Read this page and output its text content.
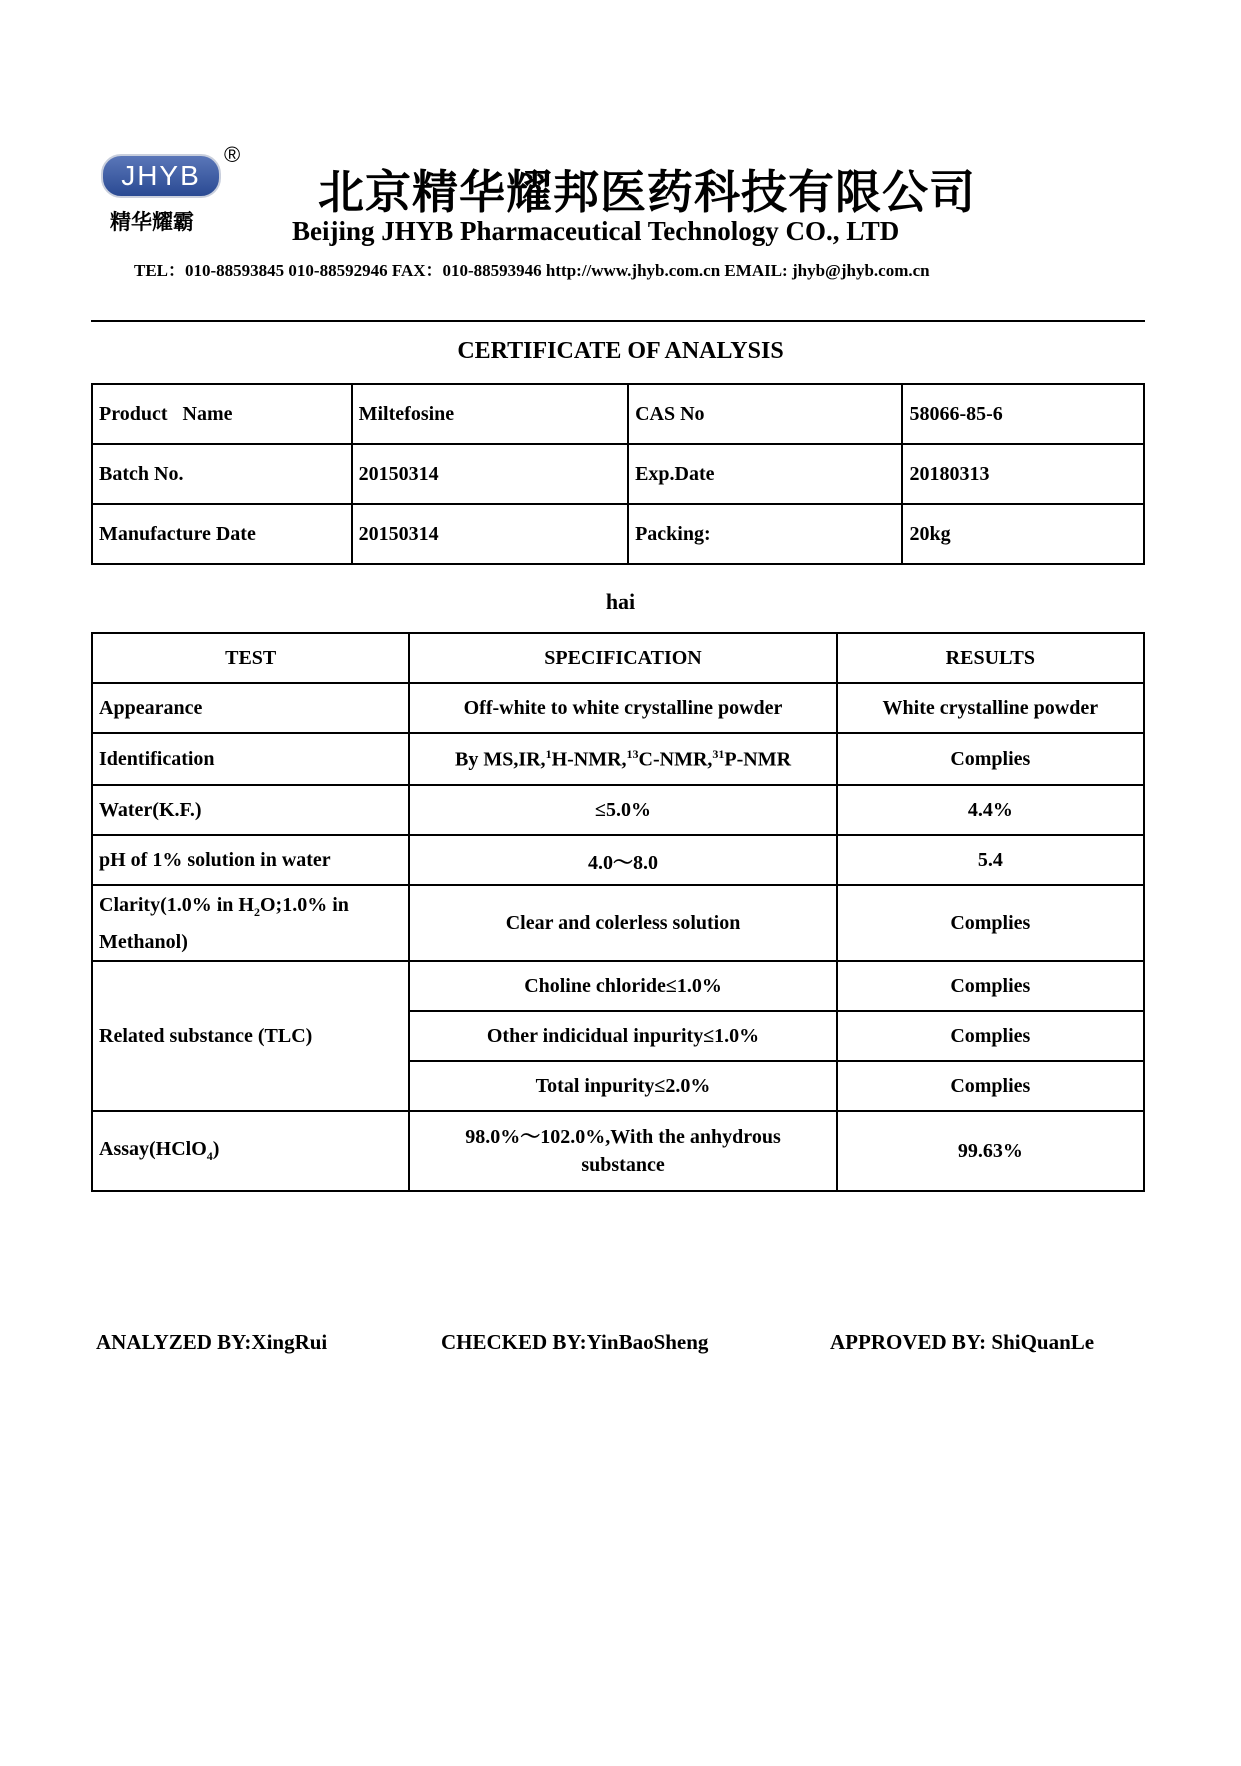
JHYB
®
精华耀霸
北京精华耀邦医药科技有限公司
Beijing JHYB Pharmaceutical Technology CO., LTD
TEL：010-88593845 010-88592946 FAX：010-88593946 http://www.jhyb.com.cn EMAIL: jhyb@jhyb.com.cn
CERTIFICATE OF ANALYSIS
Product   Name	Miltefosine	CAS No	58066-85-6
Batch No.	20150314	Exp.Date	20180313
Manufacture Date	20150314	Packing:	20kg
hai
TEST	SPECIFICATION	RESULTS
Appearance	Off-white to white crystalline powder	White crystalline powder
Identification	By MS,IR,$^1$H-NMR,$^{13}$C-NMR,$^{31}$P-NMR	Complies
Water(K.F.)	≤5.0%	4.4%
pH of 1% solution in water	4.0～8.0	5.4
Clarity(1.0% in $H_2O;1.0\%$ in Methanol)	Clear and colerless solution	Complies
Related substance (TLC)	Choline chloride≤1.0%	Complies
	Other indicidual inpurity≤1.0%	Complies
	Total inpurity≤2.0%	Complies
Assay(HClO$_4$)	98.0%～102.0%,With the anhydrous substance	99.63%
ANALYZED BY:XingRui	CHECKED BY:YinBaoSheng	APPROVED BY: ShiQuanLe
